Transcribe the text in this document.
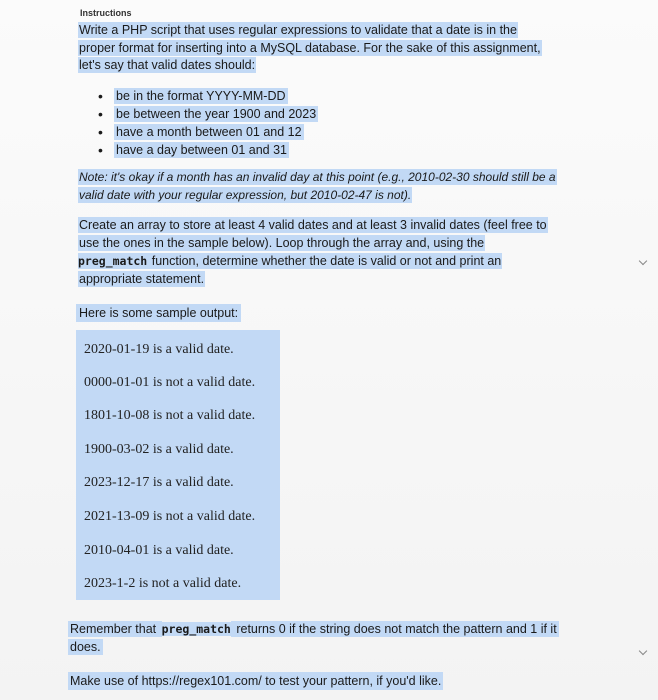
Instructions
Write a PHP script that uses regular expressions to validate that a date is in the proper format for inserting into a MySQL database. For the sake of this assignment, let's say that valid dates should:
• be in the format YYYY-MM-DD
• be between the year 1900 and 2023
• have a month between 01 and 12
• have a day between 01 and 31
Note: it's okay if a month has an invalid day at this point (e.g., 2010-02-30 should still be a valid date with your regular expression, but 2010-02-47 is not).
Create an array to store at least 4 valid dates and at least 3 invalid dates (feel free to use the ones in the sample below). Loop through the array and, using the preg_match function, determine whether the date is valid or not and print an appropriate statement.
Here is some sample output:
2020-01-19 is a valid date.
0000-01-01 is not a valid date.
1801-10-08 is not a valid date.
1900-03-02 is a valid date.
2023-12-17 is a valid date.
2021-13-09 is not a valid date.
2010-04-01 is a valid date.
2023-1-2 is not a valid date.
Remember that preg_match returns 0 if the string does not match the pattern and 1 if it does.
Make use of https://regex101.com/ to test your pattern, if you'd like.
